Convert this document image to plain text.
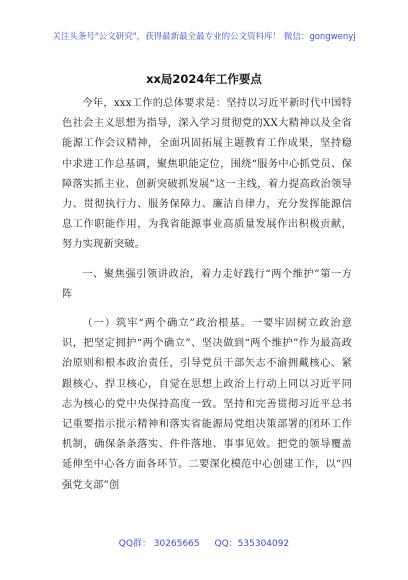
关注头条号"公文研究"，获得最新最全最专业的公文资料库！ 微信：gongwenyj
xx局2024年工作要点

今年，xxx工作的总体要求是：坚持以习近平新时代中国特色社会主义思想为指导，深入学习贯彻党的XX大精神以及全省能源工作会议精神，全面巩固拓展主题教育工作成果，坚持稳中求进工作总基调，聚焦职能定位，围绕“服务中心抓党员、保障落实抓主业、创新突破抓发展”这一主线，着力提高政治领导力、贯彻执行力、服务保障力、廉洁自律力，充分发挥能源信息工作职能作用，为我省能源事业高质量发展作出积极贡献，努力实现新突破。

一、聚焦强引领讲政治，着力走好践行“两个维护”第一方阵

（一）筑牢“两个确立”政治根基。一要牢固树立政治意识，把坚定拥护“两个确立”、坚决做到“两个维护”作为最高政治原则和根本政治责任，引导党员干部矢志不渝拥戴核心、紧跟核心、捍卫核心，自觉在思想上政治上行动上同以习近平同志为核心的党中央保持高度一致。坚持和完善贯彻习近平总书记重要指示批示精神和落实省能源局党组决策部署的闭环工作机制，确保条条落实、件件落地、事事见效。把党的领导覆盖延伸至中心各方面各环节。二要深化模范中心创建工作，以“四强党支部”创

QQ群： 30265665 QQ：535304092
